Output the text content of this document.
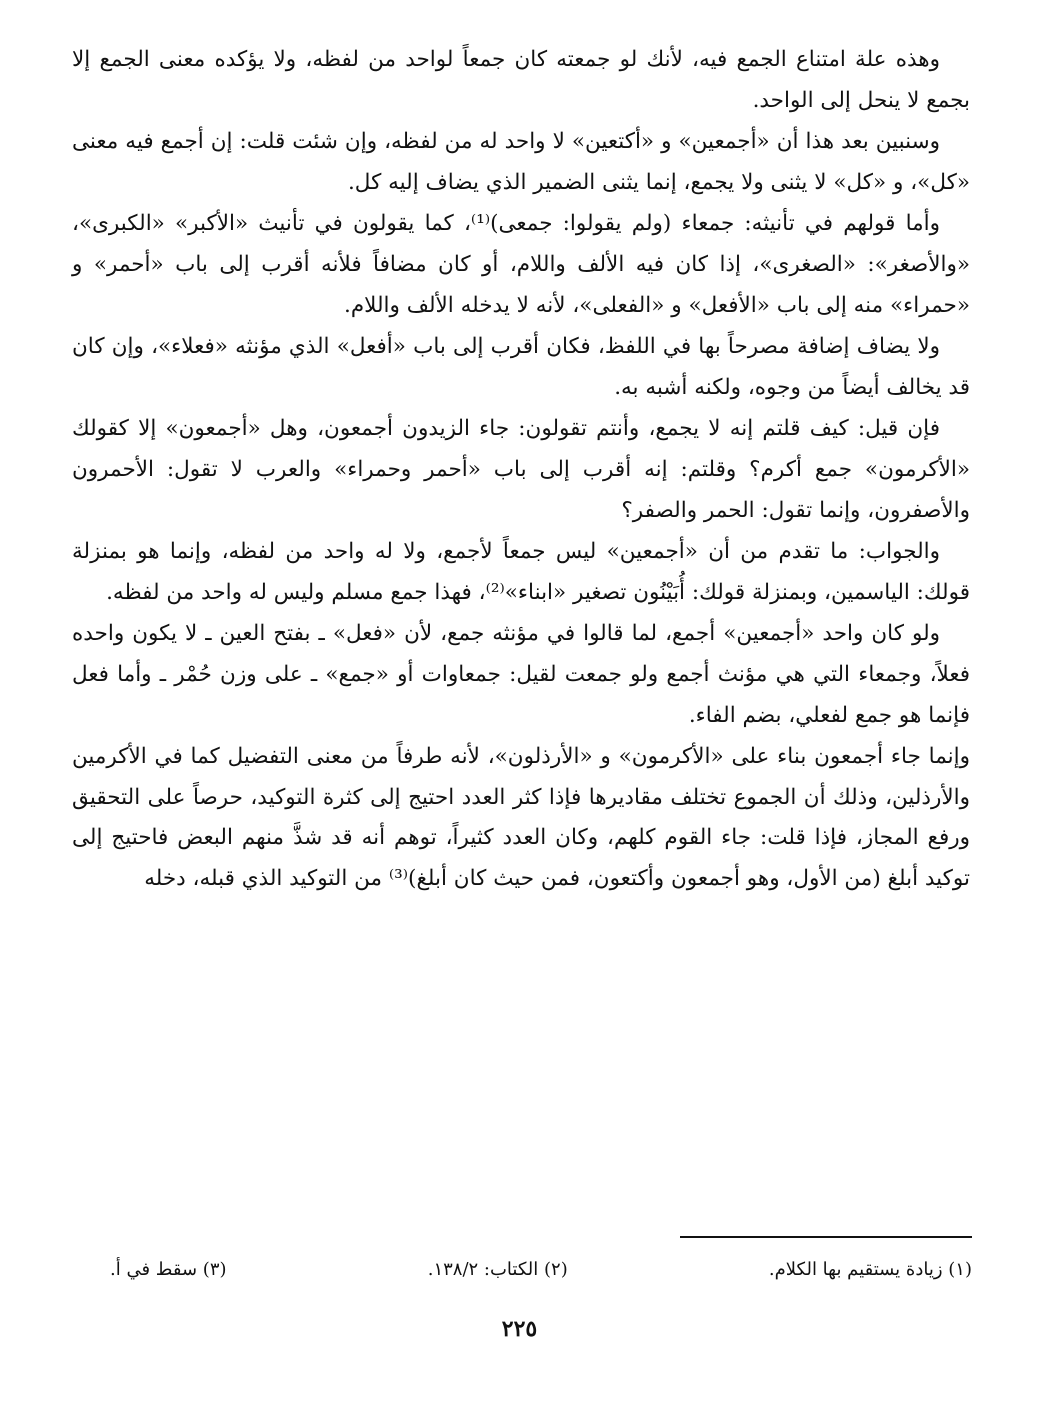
وهذه علة امتناع الجمع فيه، لأنك لو جمعته كان جمعاً لواحد من لفظه، ولا يؤكده معنى الجمع إلا بجمع لا ينحل إلى الواحد.

وسنبين بعد هذا أن «أجمعين» و «أكتعين» لا واحد له من لفظه، وإن شئت قلت: إن أجمع فيه معنى «كل»، و «كل» لا يثنى ولا يجمع، إنما يثنى الضمير الذي يضاف إليه كل.

وأما قولهم في تأنيثه: جمعاء (ولم يقولوا: جمعى)⁽¹⁾، كما يقولون في تأنيث «الأكبر» «الكبرى»، «والأصغر»: «الصغرى»، إذا كان فيه الألف واللام، أو كان مضافاً فلأنه أقرب إلى باب «أحمر» و «حمراء» منه إلى باب «الأفعل» و «الفعلى»، لأنه لا يدخله الألف واللام.

ولا يضاف إضافة مصرحاً بها في اللفظ، فكان أقرب إلى باب «أفعل» الذي مؤنثه «فعلاء»، وإن كان قد يخالف أيضاً من وجوه، ولكنه أشبه به.

فإن قيل: كيف قلتم إنه لا يجمع، وأنتم تقولون: جاء الزيدون أجمعون، وهل «أجمعون» إلا كقولك «الأكرمون» جمع أكرم؟ وقلتم: إنه أقرب إلى باب «أحمر وحمراء» والعرب لا تقول: الأحمرون والأصفرون، وإنما تقول: الحمر والصفر؟

والجواب: ما تقدم من أن «أجمعين» ليس جمعاً لأجمع، ولا له واحد من لفظه، وإنما هو بمنزلة قولك: الياسمين، وبمنزلة قولك: أُبَيْنُون تصغير «ابناء»⁽²⁾، فهذا جمع مسلم وليس له واحد من لفظه.

ولو كان واحد «أجمعين» أجمع، لما قالوا في مؤنثه جمع، لأن «فعل» ـ بفتح العين ـ لا يكون واحده فعلاً، وجمعاء التي هي مؤنث أجمع ولو جمعت لقيل: جمعاوات أو «جمع» ـ على وزن حُمْر ـ وأما فعل فإنما هو جمع لفعلي، بضم الفاء.

وإنما جاء أجمعون بناء على «الأكرمون» و «الأرذلون»، لأنه طرفاً من معنى التفضيل كما في الأكرمين والأرذلين، وذلك أن الجموع تختلف مقاديرها فإذا كثر العدد احتيج إلى كثرة التوكيد، حرصاً على التحقيق ورفع المجاز، فإذا قلت: جاء القوم كلهم، وكان العدد كثيراً، توهم أنه قد شذَّ منهم البعض فاحتيج إلى توكيد أبلغ (من الأول، وهو أجمعون وأكتعون، فمن حيث كان أبلغ)⁽³⁾ من التوكيد الذي قبله، دخله

(١) زيادة يستقيم بها الكلام.
(٢) الكتاب: ١٣٨/٢.
(٣) سقط في أ.
٢٢٥
